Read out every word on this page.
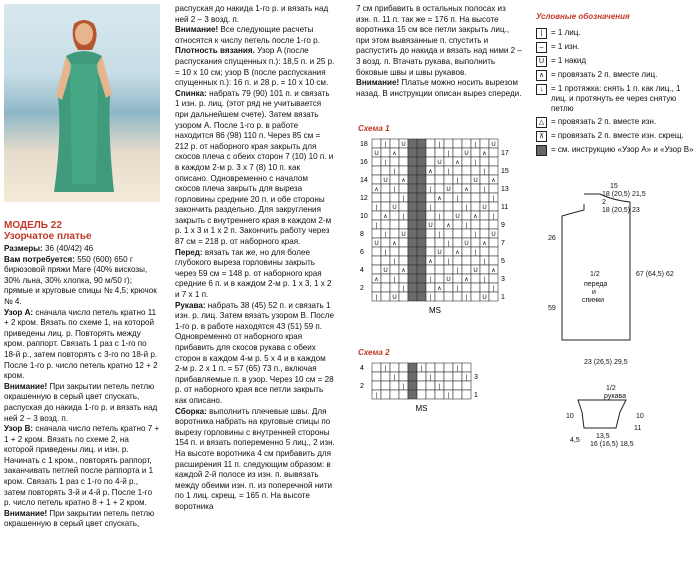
МОДЕЛЬ 22
Узорчатое платье

Размеры: 36 (40/42) 46

Вам потребуется: 550 (600) 650 г бирюзовой пряжи Mare (40% вискозы, 30% льна, 30% хлопка, 90 м/50 г); прямые и круговые спицы № 4,5; крючок № 4.

Узор A: сначала число петель кратно 11 + 2 кром. Вязать по схеме 1, на которой приведены лиц. р. Повторять между кром. раппорт. Связать 1 раз с 1-го по 18-й р., затем повторять с 3-го по 18-й р. После 1-го р. число петель кратно 12 + 2 кром.

Внимание! При закрытии петель петлю окрашенную в серый цвет спускать, распуская до накида 1-го р. и вязать над ней 2 – 3 возд. п.

Узор B: сначала число петель кратно 7 + 1 + 2 кром. Вязать по схеме 2, на которой приведены лиц. и изн. р. Начинать с 1 кром., повторять раппорт, заканчивать петлей после раппорта и 1 кром. Связать 1 раз с 1-го по 4-й р., затем повторять 3-й и 4-й р. После 1-го р. число петель кратно 8 + 1 + 2 кром.

Внимание! При закрытии петель петлю окрашенную в серый цвет спускать,

распуская до накида 1-го р. и вязать над ней 2 – 3 возд. п.

Внимание! Все следующие расчеты относятся к числу петель после 1-го р.

Плотность вязания. Узор A (после распускания спущенных п.): 18,5 п. и 25 р. = 10 х 10 см; узор B (после распускания спущенных п.): 16 п. и 28 р. = 10 х 10 см.

Спинка: набрать 79 (90) 101 п. и связать 1 изн. р. лиц. (этот ряд не учитывается при дальнейшем счете). Затем вязать узором A. После 1-го р. в работе находится 86 (98) 110 п. Через 85 см = 212 р. от наборного края закрыть для скосов плеча с обеих сторон 7 (10) 10 п. и в каждом 2-м р. 3 х 7 (8) 10 п. как описано. Одновременно с началом скосов плеча закрыть для выреза горловины средние 20 п. и обе стороны закончить раздельно. Для закругления закрыть с внутреннего края в каждом 2-м р. 1 х 3 и 1 х 2 п. Закончить работу через 87 см = 218 р. от наборного края.

Перед: вязать так же, но для более глубокого выреза горловины закрыть через 59 см = 148 р. от наборного края средние 6 п. и в каждом 2-м р. 1 х 3, 1 х 2 и 7 х 1 п.

Рукава: набрать 38 (45) 52 п. и связать 1 изн. р. лиц. Затем вязать узором B. После 1-го р. в работе находятся 43 (51) 59 п. Одновременно от наборного края прибавить для скосов рукава с обеих сторон в каждом 4-м р. 5 х 4 и в каждом 2-м р. 2 х 1 п. = 57 (65) 73 п., включая прибавляемые п. в узор. Через 10 см = 28 р. от наборного края все петли закрыть как описано.

Сборка: выполнить плечевые швы. Для воротника набрать на круговые спицы по вырезу горловины с внутренней стороны 154 п. и вязать попеременно 5 лиц., 2 изн. На высоте воротника 4 см прибавить для расширения 11 п. следующим образом: в каждой 2-й полосе из изн. п. вывязать между обеими изн. п. из поперечной нити по 1 лиц. скрещ. = 165 п. На высоте воротника

7 см прибавить в остальных полосах из изн. п. 11 п. так же = 176 п. На высоте воротника 15 см все петли закрыть лиц., при этом вывязанные п. спустить и распустить до накида и вязать над ними 2 – 3 возд. п. Втачать рукава, выполнить боковые швы и швы рукавов.

Внимание! Платье можно носить вырезом назад. В инструкции описан вырез спереди.

Схема 1
|	U	|	|	U
U ∧	|	U ∧
|	U ∧	|
|	∧	|	|
U ∧	|	U ∧
∧	|	|	U ∧	|
|	∧	|	|
|	U	|	|	U
∧	|	|	U ∧	|
|	U ∧	|
|	U	|	|	U
U ∧	|	U ∧
|	U ∧	|
|	∧	|	|
U ∧	|	U ∧
∧	|	|	U ∧	|
|	∧	|	|
|	U	|	|	U
18
16
14
12
10
8
6
4
2
17
15
13
11
9
7
5
3
1
MS
Схема 2
|	|	|
|	|	|
|	|
|	|
4
2
3
1
MS
Условные обозначения
|	= 1 лиц.
– = 1 изн.
U = 1 накид
∧ = провязать 2 п. вместе лиц.
↓ = 1 протяжка: снять 1 п. как лиц., 1 лиц. и протянуть ее через снятую петлю
△ = провязать 2 п. вместе изн.
⊼ = провязать 2 п. вместе изн. скрещ.
= см. инструкцию «Узор A» и «Узор B»
15
18 (20,5) 23
18 (20,5) 21,5
2
26
59
67 (64,5) 62
1/2
переда
и
спинки
23 (26,5) 29,5
1/2
рукава
10
4,5
13,5
16 (16,5) 18,5
10
11
